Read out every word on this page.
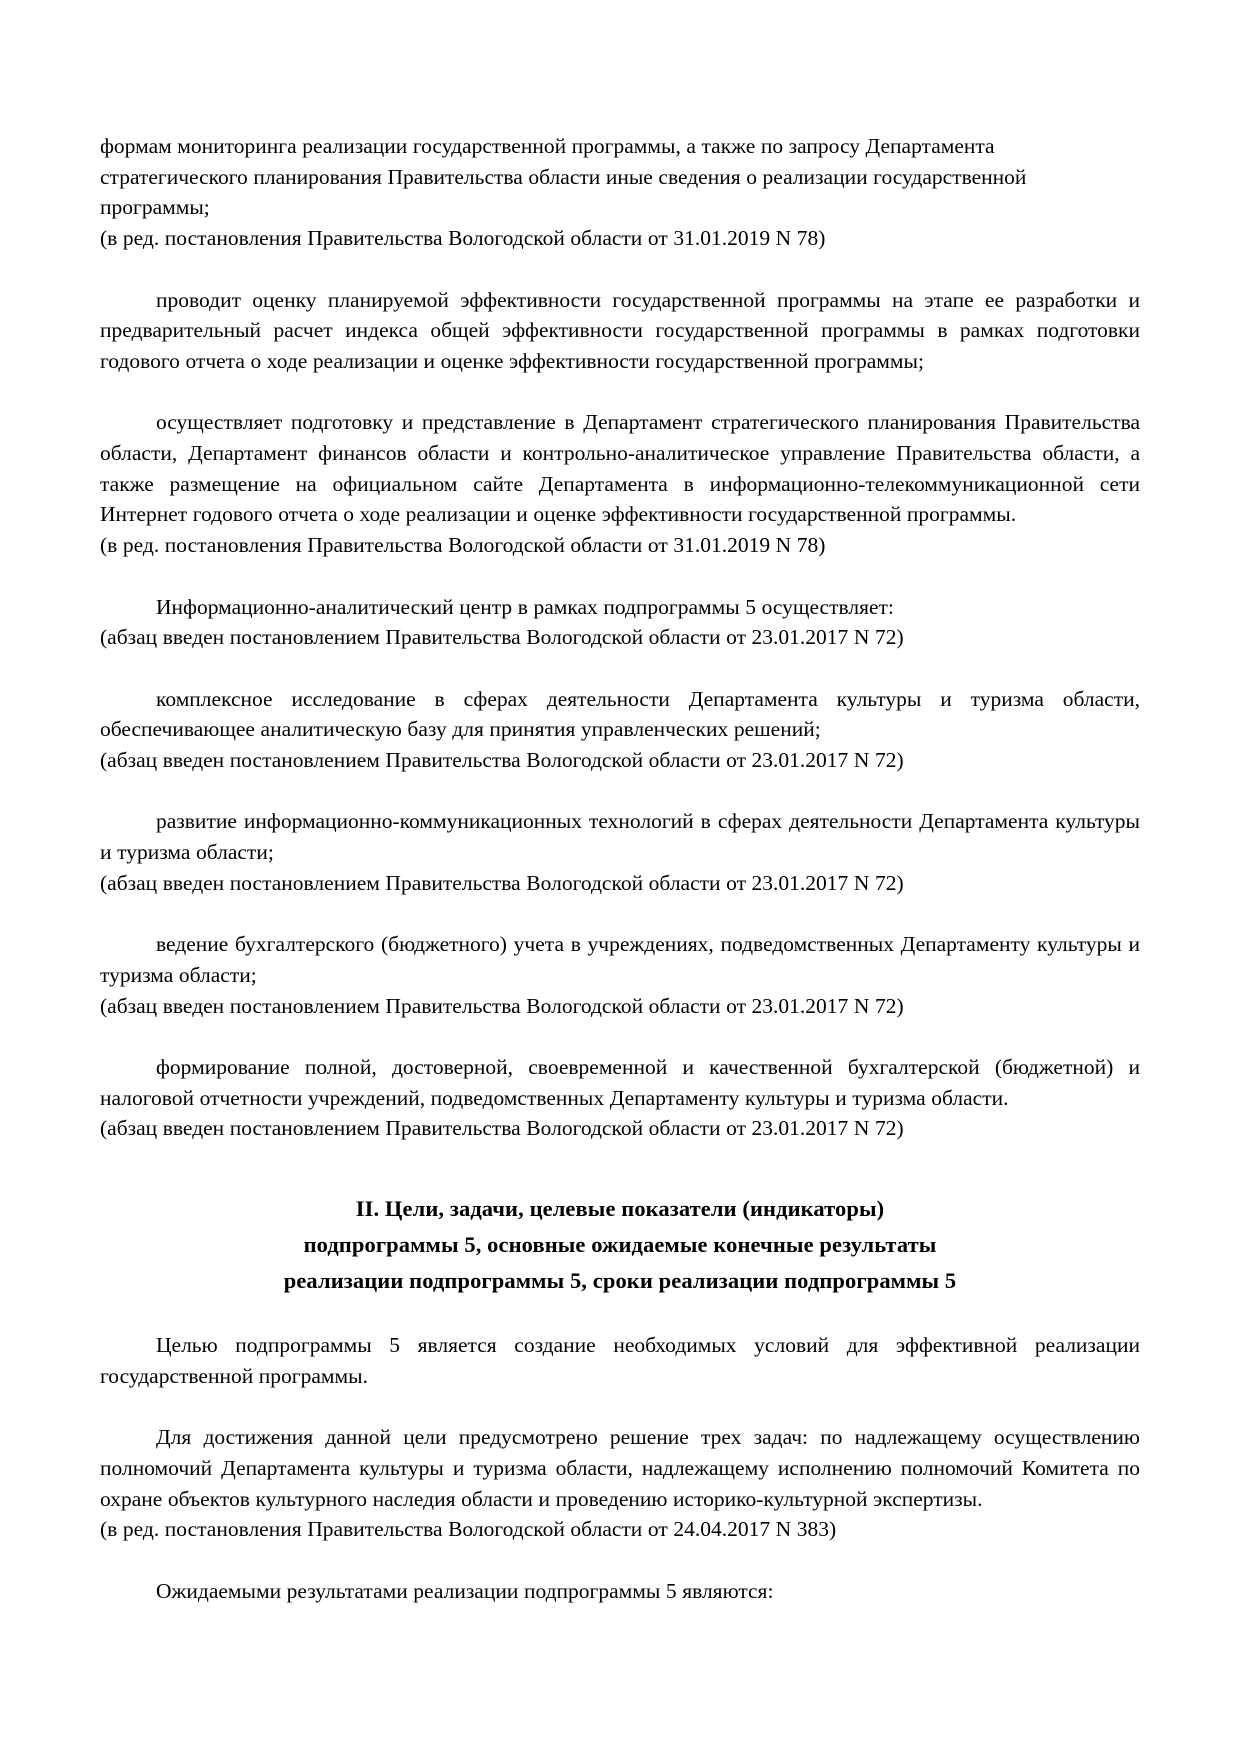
формам мониторинга реализации государственной программы, а также по запросу Департамента стратегического планирования Правительства области иные сведения о реализации государственной программы;

(в ред. постановления Правительства Вологодской области от 31.01.2019 N 78)

проводит оценку планируемой эффективности государственной программы на этапе ее разработки и предварительный расчет индекса общей эффективности государственной программы в рамках подготовки годового отчета о ходе реализации и оценке эффективности государственной программы;

осуществляет подготовку и представление в Департамент стратегического планирования Правительства области, Департамент финансов области и контрольно-аналитическое управление Правительства области, а также размещение на официальном сайте Департамента в информационно-телекоммуникационной сети Интернет годового отчета о ходе реализации и оценке эффективности государственной программы.

(в ред. постановления Правительства Вологодской области от 31.01.2019 N 78)

Информационно-аналитический центр в рамках подпрограммы 5 осуществляет:

(абзац введен постановлением Правительства Вологодской области от 23.01.2017 N 72)

комплексное исследование в сферах деятельности Департамента культуры и туризма области, обеспечивающее аналитическую базу для принятия управленческих решений;

(абзац введен постановлением Правительства Вологодской области от 23.01.2017 N 72)

развитие информационно-коммуникационных технологий в сферах деятельности Департамента культуры и туризма области;

(абзац введен постановлением Правительства Вологодской области от 23.01.2017 N 72)

ведение бухгалтерского (бюджетного) учета в учреждениях, подведомственных Департаменту культуры и туризма области;

(абзац введен постановлением Правительства Вологодской области от 23.01.2017 N 72)

формирование полной, достоверной, своевременной и качественной бухгалтерской (бюджетной) и налоговой отчетности учреждений, подведомственных Департаменту культуры и туризма области.

(абзац введен постановлением Правительства Вологодской области от 23.01.2017 N 72)

II. Цели, задачи, целевые показатели (индикаторы)
подпрограммы 5, основные ожидаемые конечные результаты
реализации подпрограммы 5, сроки реализации подпрограммы 5

Целью подпрограммы 5 является создание необходимых условий для эффективной реализации государственной программы.

Для достижения данной цели предусмотрено решение трех задач: по надлежащему осуществлению полномочий Департамента культуры и туризма области, надлежащему исполнению полномочий Комитета по охране объектов культурного наследия области и проведению историко-культурной экспертизы.

(в ред. постановления Правительства Вологодской области от 24.04.2017 N 383)

Ожидаемыми результатами реализации подпрограммы 5 являются:
